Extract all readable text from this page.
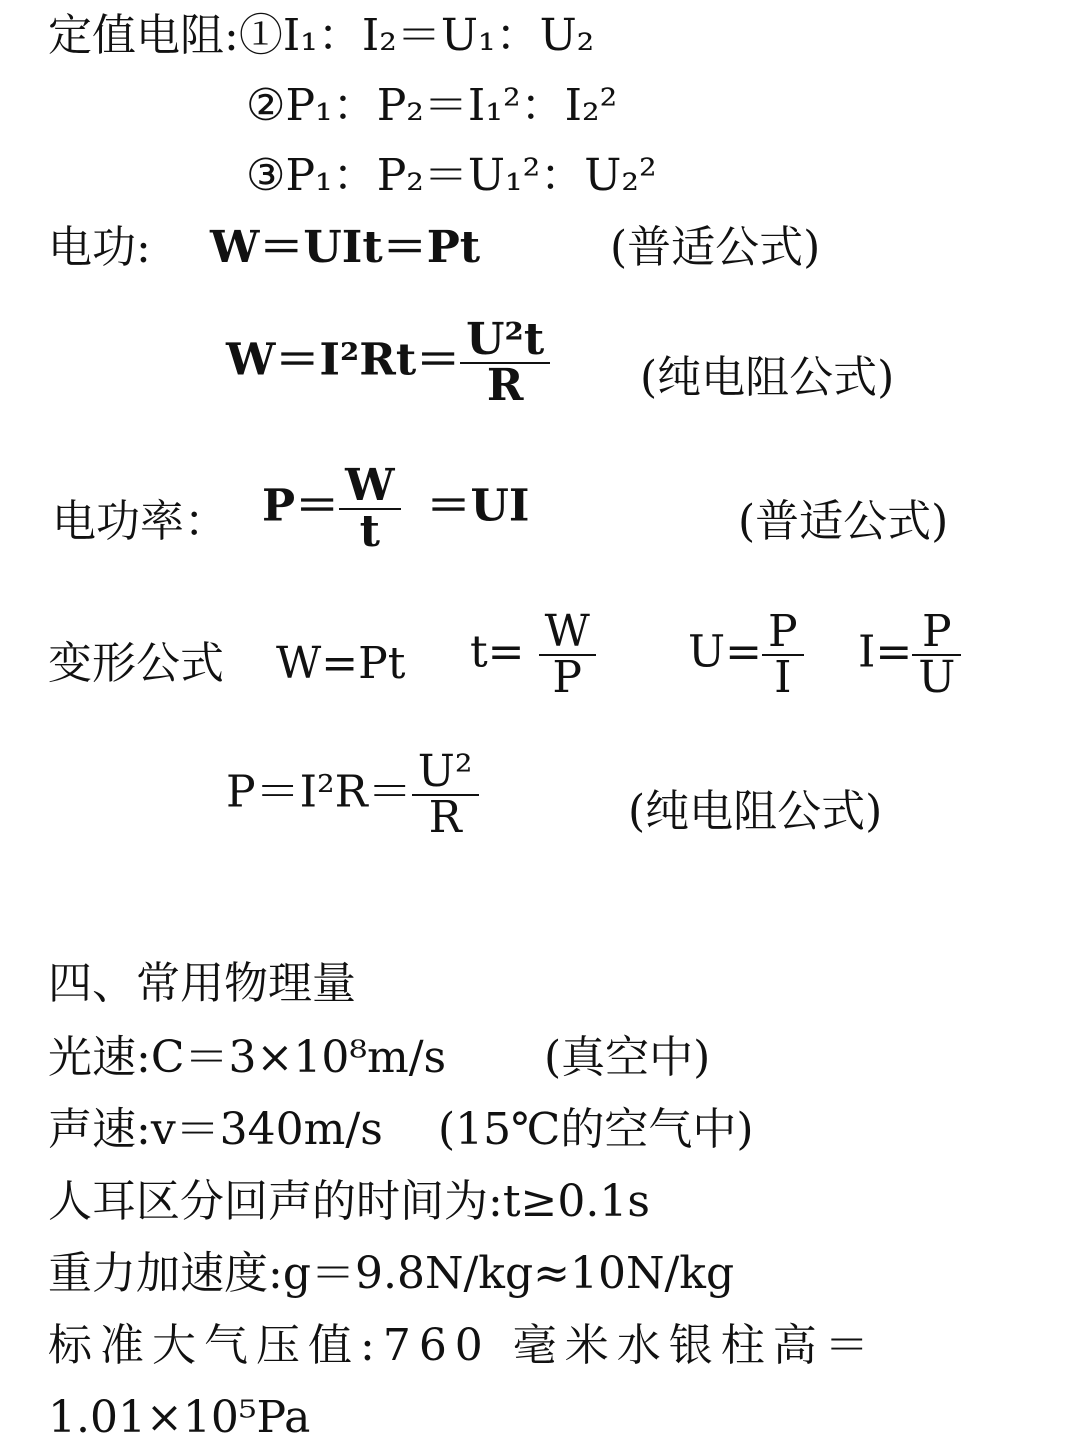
定值电阻:①I₁：I₂＝U₁：U₂
②P₁：P₂＝I₁²：I₂²
③P₁：P₂＝U₁²：U₂²
电功: W＝UIt＝Pt	(普适公式)
$W=I^2Rt= \frac{\text{U²t}}{R}$ (纯电阻公式)
电功率： $P= \frac{W}{t} =UI$	(普适公式)
变形公式 W=Pt $t= \frac{W}{P} U= \frac{P}{I} I= \frac{P}{U}$
$P=I^2R= \frac{\text{U²}}{R}$	(纯电阻公式)
四、常用物理量
光速:C＝3×10⁸m/s (真空中)
声速:v＝340m/s (15℃的空气中)
人耳区分回声的时间为:t≥0.1s
重力加速度:g＝9.8N/kg≈10N/kg
标准大气压值:760 毫米水银柱高＝
1.01×10⁵Pa
